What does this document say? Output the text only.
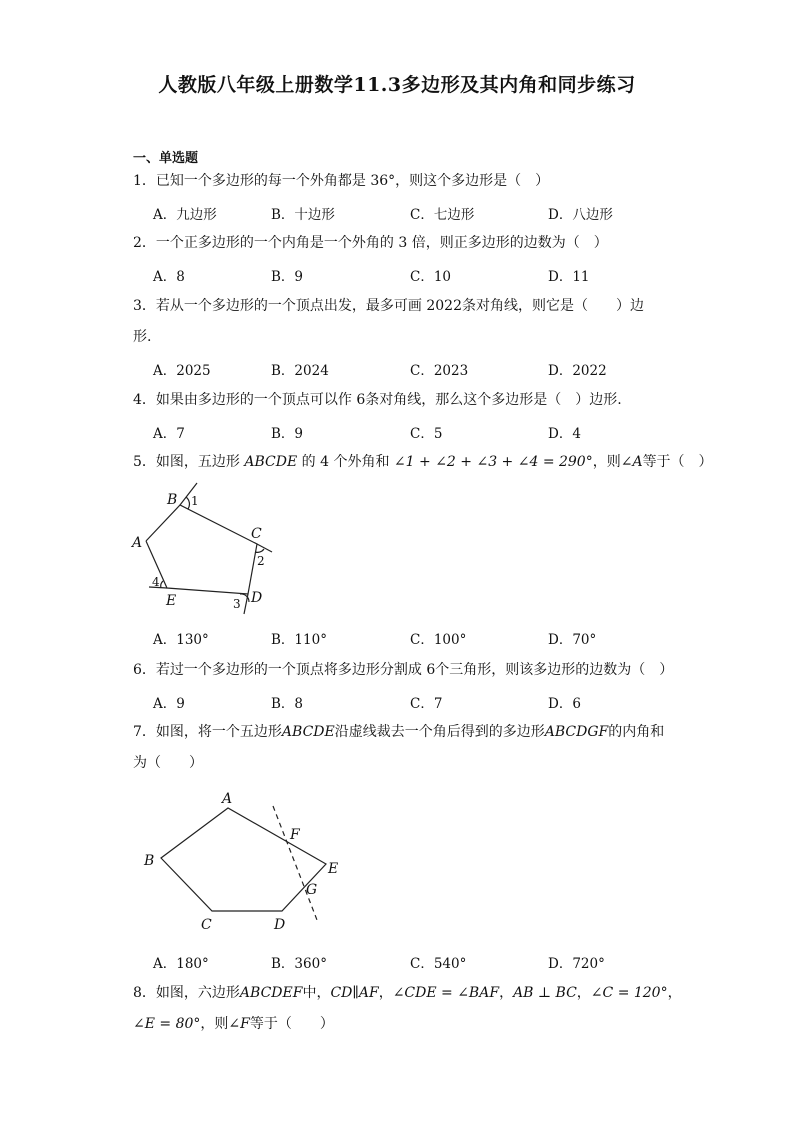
人教版八年级上册数学11.3多边形及其内角和同步练习
一、单选题
1．已知一个多边形的每一个外角都是 36°，则这个多边形是（　）
A．九边形	B．十边形	C．七边形	D．八边形
2．一个正多边形的一个内角是一个外角的 3 倍，则正多边形的边数为（　）
A．8	B．9	C．10	D．11
3．若从一个多边形的一个顶点出发，最多可画 2022条对角线，则它是（　　）边
形.
A．2025	B．2024	C．2023	D．2022
4．如果由多边形的一个顶点可以作 6条对角线，那么这个多边形是（　）边形.
A．7	B．9	C．5	D．4
5．如图，五边形 ABCDE 的 4 个外角和 ∠1 + ∠2 + ∠3 + ∠4 = 290°，则∠A等于（　）
A
B
C
D
E
1
2
3
4
A．130°	B．110°	C．100°	D．70°
6．若过一个多边形的一个顶点将多边形分割成 6个三角形，则该多边形的边数为（　）
A．9	B．8	C．7	D．6
7．如图，将一个五边形ABCDE沿虚线裁去一个角后得到的多边形ABCDGF的内角和
为（　　）
A
B
C	D
E
F
G
A．180°	B．360°	C．540°	D．720°
8．如图，六边形ABCDEF中，CD∥AF，∠CDE = ∠BAF，AB ⊥ BC，∠C = 120°，
∠E = 80°，则∠F等于（　　）
